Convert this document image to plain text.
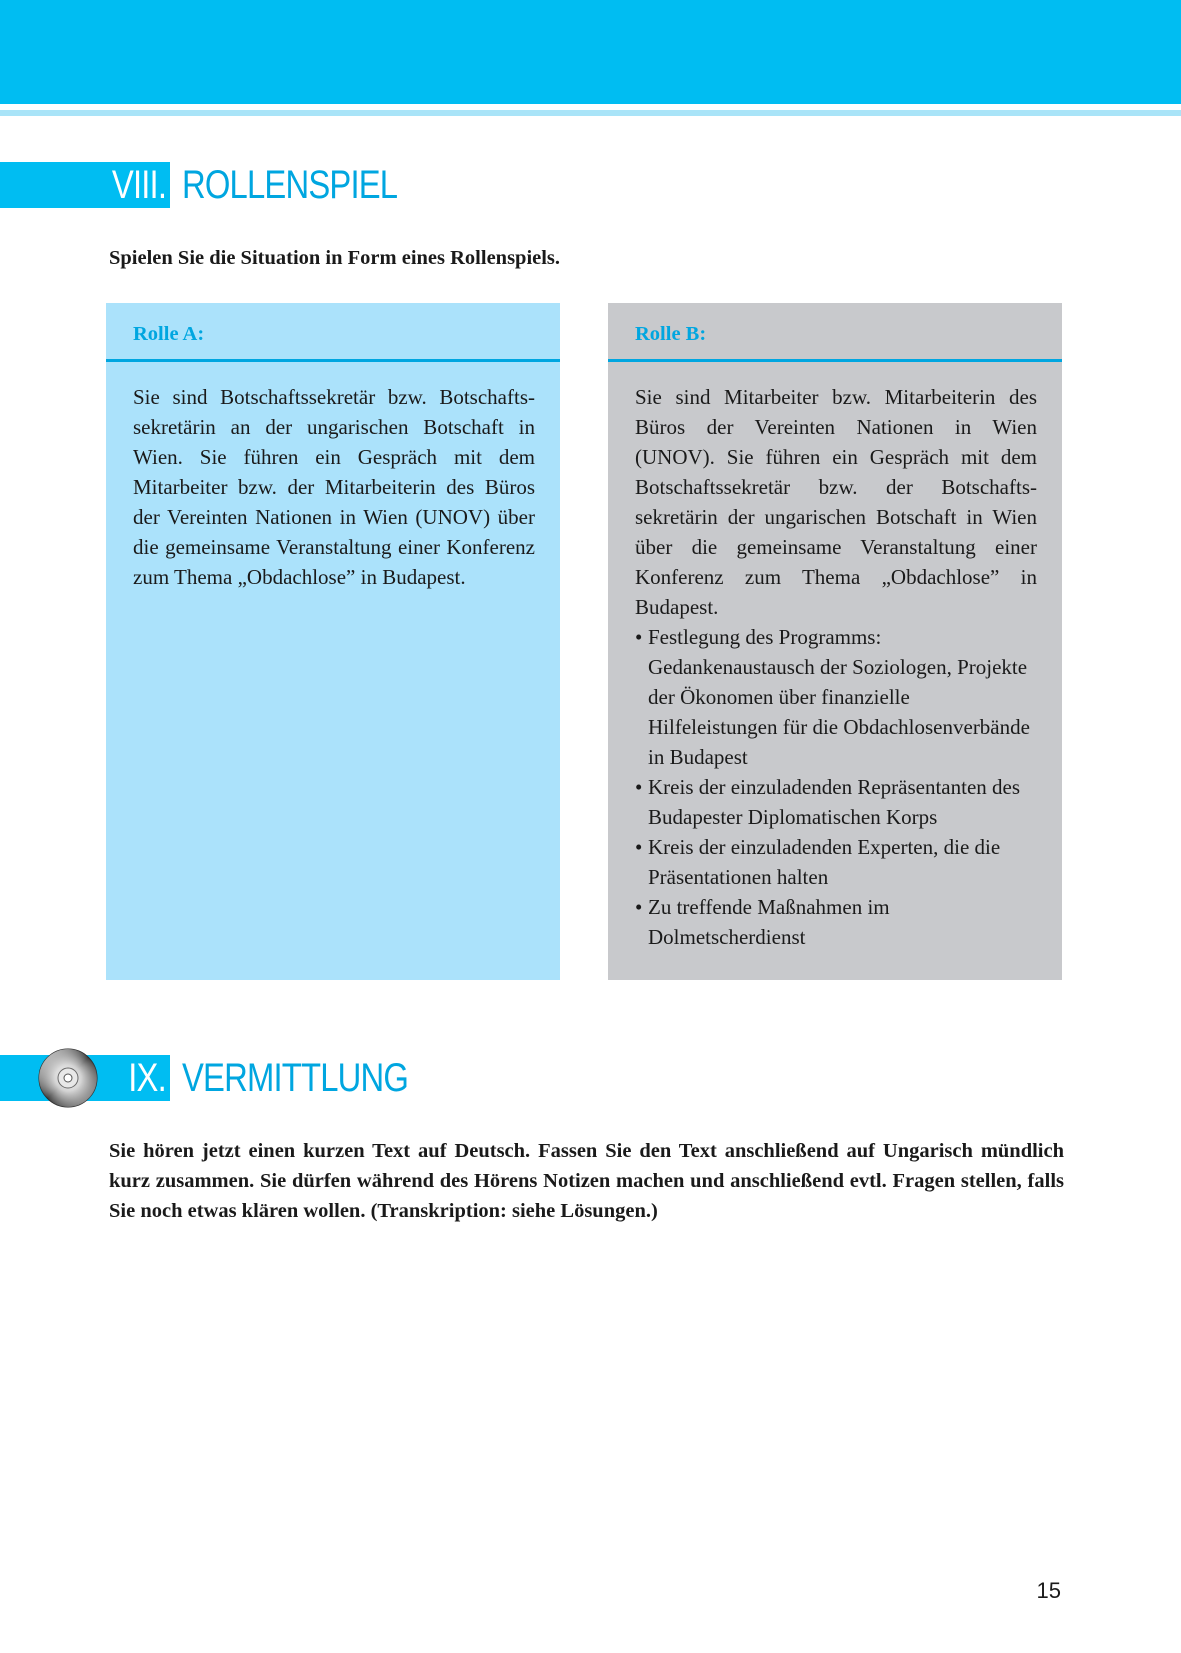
VIII. ROLLENSPIEL
Spielen Sie die Situation in Form eines Rollenspiels.
Rolle A:
Sie sind Botschaftssekretär bzw. Botschafts-sekretärin an der ungarischen Botschaft in Wien. Sie führen ein Gespräch mit dem Mitarbeiter bzw. der Mitarbeiterin des Büros der Vereinten Nationen in Wien (UNOV) über die gemeinsame Veranstaltung einer Konferenz zum Thema „Obdachlose” in Budapest.
Rolle B:
Sie sind Mitarbeiter bzw. Mitarbeiterin des Büros der Vereinten Nationen in Wien (UNOV). Sie führen ein Gespräch mit dem Botschaftssekretär bzw. der Botschafts-sekretärin der ungarischen Botschaft in Wien über die gemeinsame Veranstaltung einer Konferenz zum Thema „Obdachlose” in Budapest.
• Festlegung des Programms: Gedankenaustausch der Soziologen, Projekte der Ökonomen über finanzielle Hilfeleistungen für die Obdachlosenverbände in Budapest
• Kreis der einzuladenden Repräsentanten des Budapester Diplomatischen Korps
• Kreis der einzuladenden Experten, die die Präsentationen halten
• Zu treffende Maßnahmen im Dolmetscherdienst
IX. VERMITTLUNG
Sie hören jetzt einen kurzen Text auf Deutsch. Fassen Sie den Text anschließend auf Ungarisch mündlich kurz zusammen. Sie dürfen während des Hörens Notizen machen und anschließend evtl. Fragen stellen, falls Sie noch etwas klären wollen. (Transkription: siehe Lösungen.)
15
